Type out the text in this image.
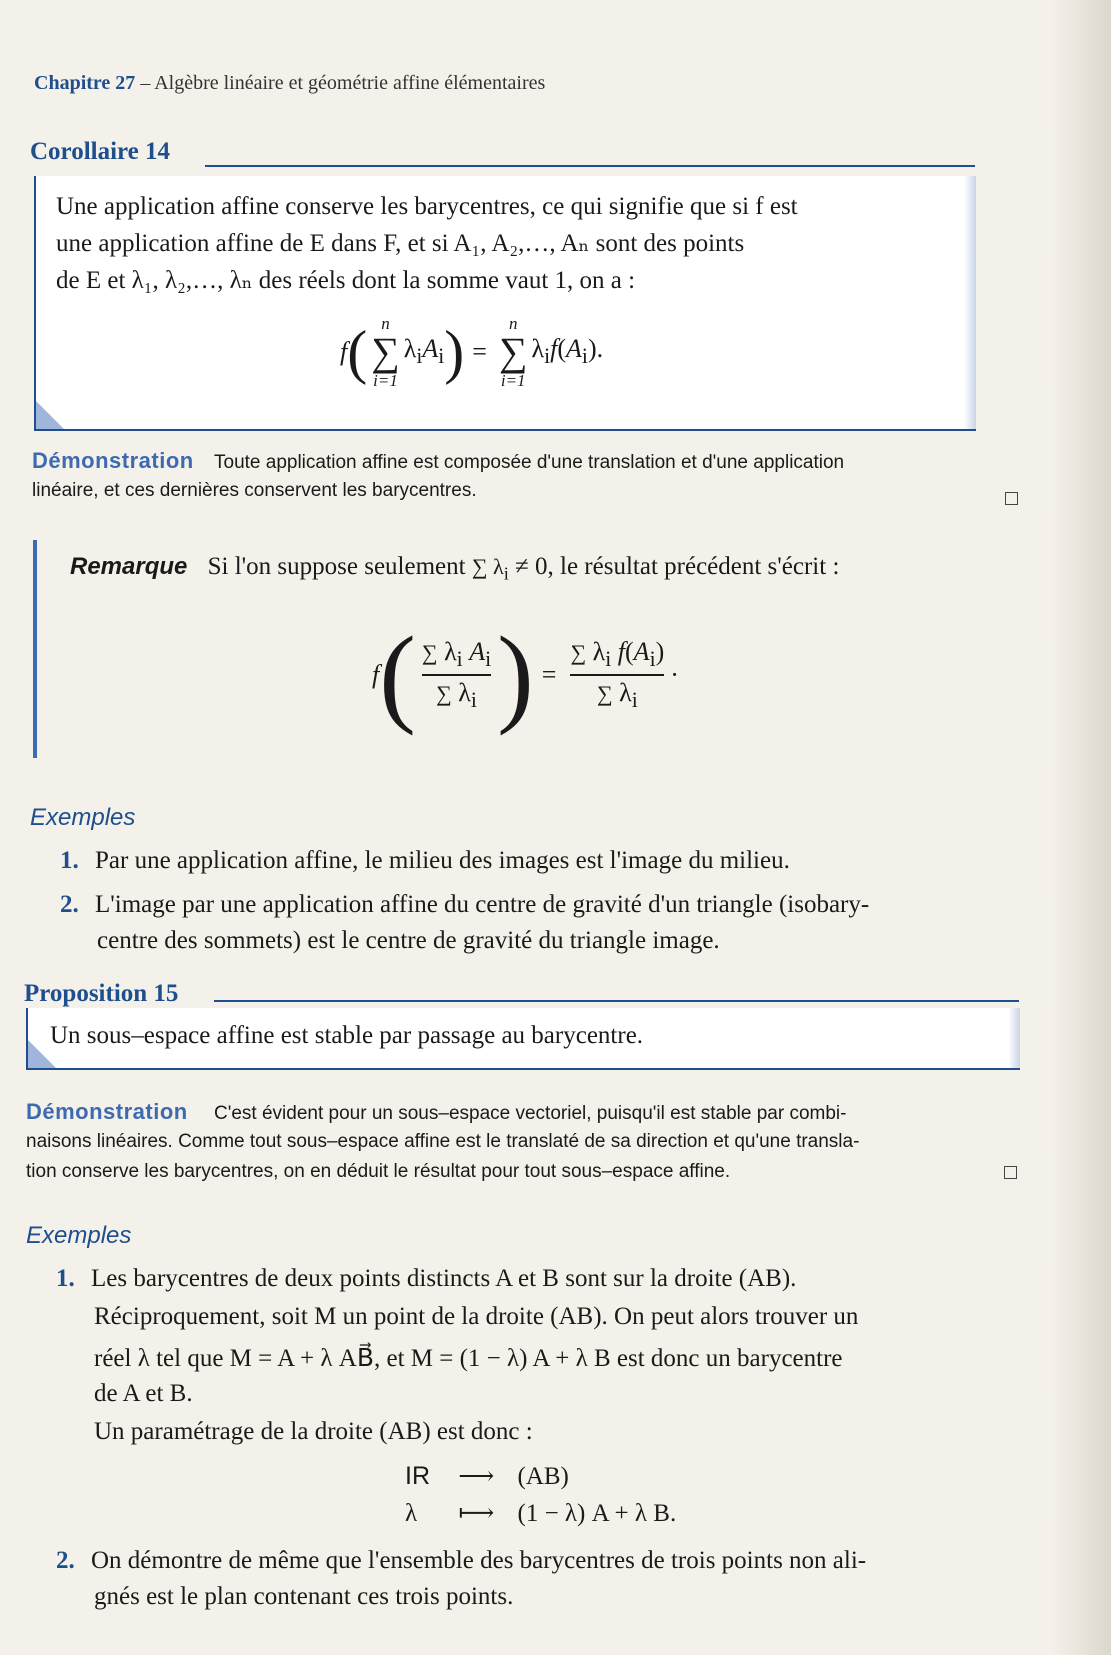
Chapitre 27 – Algèbre linéaire et géométrie affine élémentaires
Corollaire 14
Une application affine conserve les barycentres, ce qui signifie que si f est
une application affine de E dans F, et si A₁, A₂,…, Aₙ sont des points
de E et λ₁, λ₂,…, λₙ des réels dont la somme vaut 1, on a :
f ( n
∑
i=1
$\lambda_iA_i$ ) =
n
∑
i=1
$\lambda_if(A_i)$.
Démonstration Toute application affine est composée d'une translation et d'une application
linéaire, et ces dernières conservent les barycentres.
Remarque Si l'on suppose seulement ∑ $\lambda_i \ne 0$, le résultat précédent s'écrit :
f ( $\frac{\sum \lambda_i A_i}{\sum \lambda_i}$ ) = $\frac{\sum \lambda_i f(A_i)}{\sum \lambda_i}$ ·
Exemples
1. Par une application affine, le milieu des images est l'image du milieu.
2. L'image par une application affine du centre de gravité d'un triangle (isobary-
centre des sommets) est le centre de gravité du triangle image.
Proposition 15
Un sous–espace affine est stable par passage au barycentre.
Démonstration C'est évident pour un sous–espace vectoriel, puisqu'il est stable par combi-
naisons linéaires. Comme tout sous–espace affine est le translaté de sa direction et qu'une transla-
tion conserve les barycentres, on en déduit le résultat pour tout sous–espace affine.
Exemples
1. Les barycentres de deux points distincts A et B sont sur la droite (AB).
Réciproquement, soit M un point de la droite (AB). On peut alors trouver un
réel λ tel que M = A + λ AB⃗, et M = (1 − λ) A + λ B est donc un barycentre
de A et B.
Un paramétrage de la droite (AB) est donc :
IR ⟶ (AB)
λ ⟼ (1 − λ) A + λ B.
2. On démontre de même que l'ensemble des barycentres de trois points non ali-
gnés est le plan contenant ces trois points.
